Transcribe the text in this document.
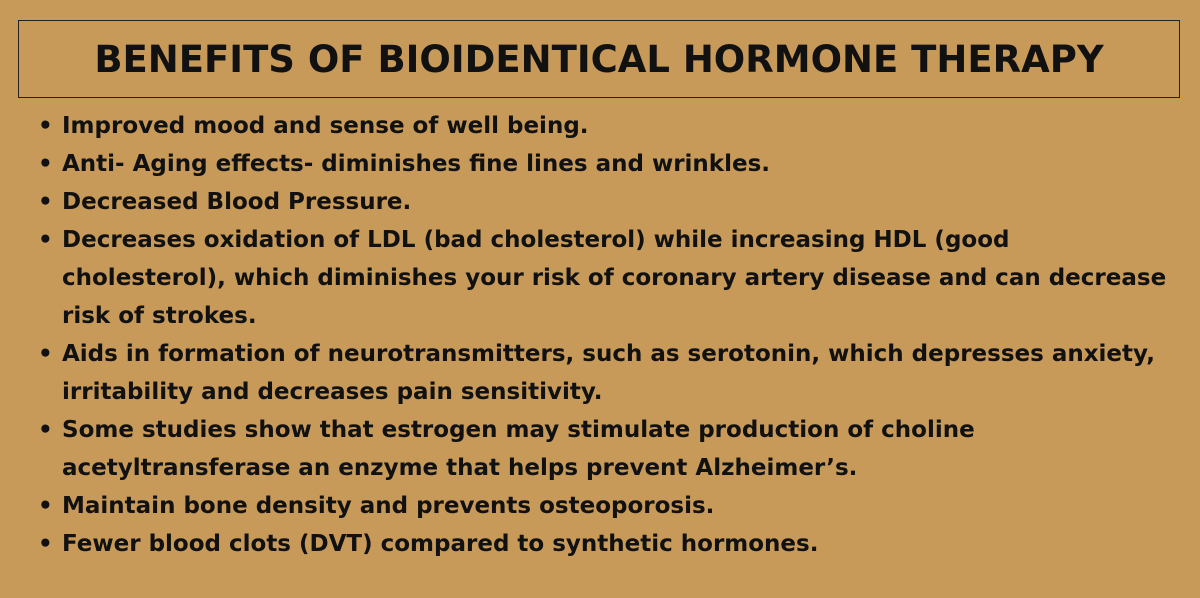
BENEFITS OF BIOIDENTICAL HORMONE THERAPY
• Improved mood and sense of well being.
• Anti- Aging effects- diminishes fine lines and wrinkles.
• Decreased Blood Pressure.
• Decreases oxidation of LDL (bad cholesterol) while increasing HDL (good cholesterol), which diminishes your risk of coronary artery disease and can decrease risk of strokes.
• Aids in formation of neurotransmitters, such as serotonin, which depresses anxiety, irritability and decreases pain sensitivity.
• Some studies show that estrogen may stimulate production of choline acetyltransferase an enzyme that helps prevent Alzheimer’s.
• Maintain bone density and prevents osteoporosis.
• Fewer blood clots (DVT) compared to synthetic hormones.
